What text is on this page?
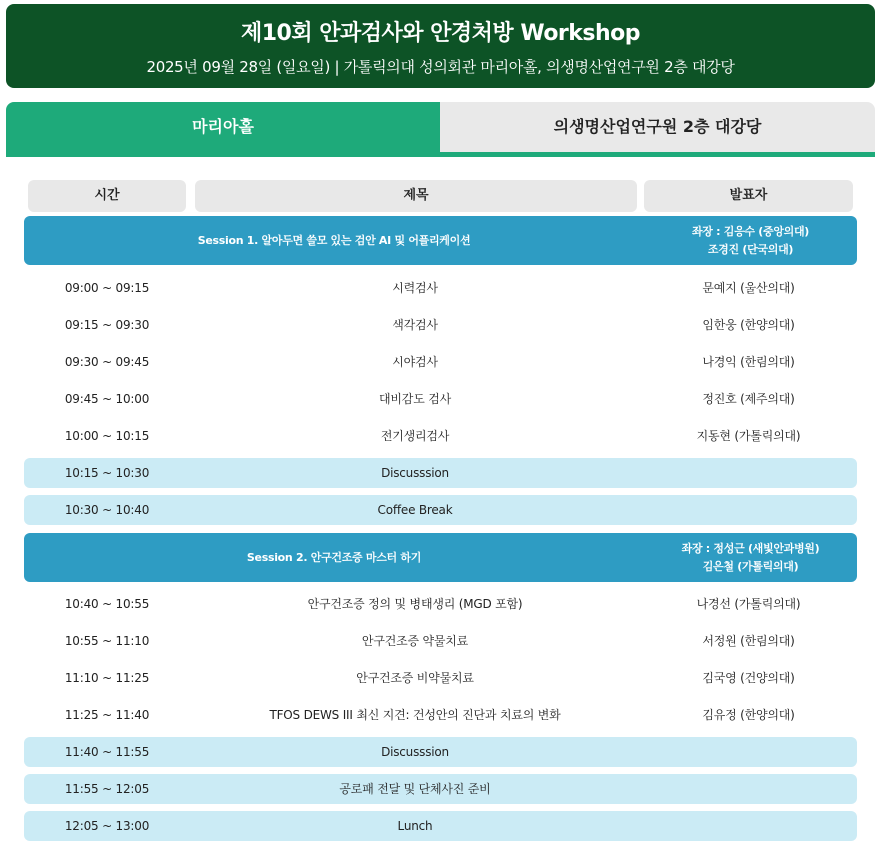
제10회 안과검사와 안경처방 Workshop
2025년 09월 28일 (일요일) | 가톨릭의대 성의회관 마리아홀, 의생명산업연구원 2층 대강당
마리아홀	의생명산업연구원 2층 대강당
시간	제목	발표자
Session 1. 알아두면 쓸모 있는 검안 AI 및 어플리케이션
좌장 : 김응수 (중앙의대)
조경진 (단국의대)
09:00 ~ 09:15	시력검사	문예지 (울산의대)
09:15 ~ 09:30	색각검사	임한웅 (한양의대)
09:30 ~ 09:45	시야검사	나경익 (한림의대)
09:45 ~ 10:00	대비감도 검사	정진호 (제주의대)
10:00 ~ 10:15	전기생리검사	지동현 (가톨릭의대)
10:15 ~ 10:30	Discusssion
10:30 ~ 10:40	Coffee Break
Session 2. 안구건조증 마스터 하기
좌장 : 정성근 (새빛안과병원)
김은철 (가톨릭의대)
10:40 ~ 10:55	안구건조증 정의 및 병태생리 (MGD 포함)	나경선 (가톨릭의대)
10:55 ~ 11:10	안구건조증 약물치료	서정원 (한림의대)
11:10 ~ 11:25	안구건조증 비약물치료	김국영 (건양의대)
11:25 ~ 11:40	TFOS DEWS III 최신 지견: 건성안의 진단과 치료의 변화	김유정 (한양의대)
11:40 ~ 11:55	Discusssion
11:55 ~ 12:05	공로패 전달 및 단체사진 준비
12:05 ~ 13:00	Lunch
